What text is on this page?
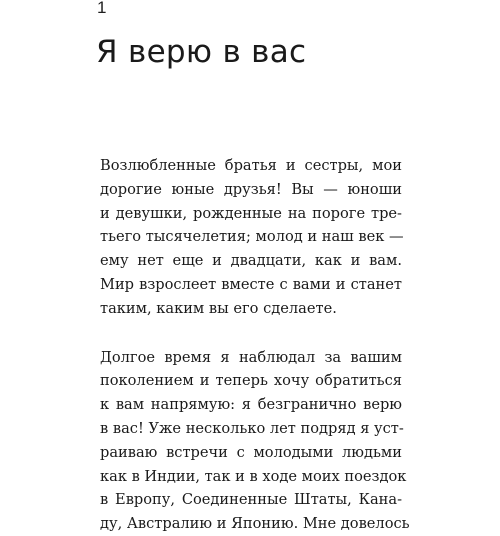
1
Я верю в вас

Возлюбленные братья и сестры, мои
дорогие юные друзья! Вы — юноши
и девушки, рожденные на пороге тре-
тьего тысячелетия; молод и наш век —
ему нет еще и двадцати, как и вам.
Мир взрослеет вместе с вами и станет
таким, каким вы его сделаете.

Долгое время я наблюдал за вашим
поколением и теперь хочу обратиться
к вам напрямую: я безгранично верю
в вас! Уже несколько лет подряд я уст-
раиваю встречи с молодыми людьми
как в Индии, так и в ходе моих поездок
в Европу, Соединенные Штаты, Кана-
ду, Австралию и Японию. Мне довелось
